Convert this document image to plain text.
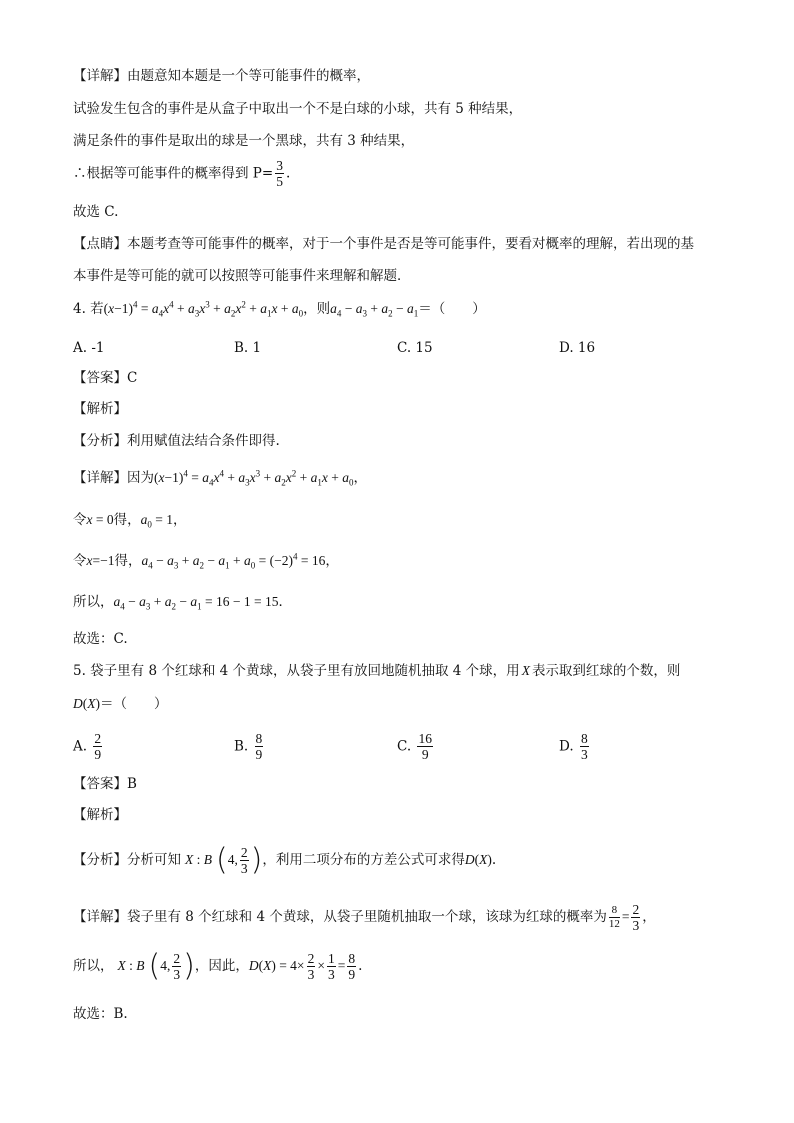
【详解】由题意知本题是一个等可能事件的概率，
试验发生包含的事件是从盒子中取出一个不是白球的小球，共有 5 种结果，
满足条件的事件是取出的球是一个黑球，共有 3 种结果，
∴根据等可能事件的概率得到 $P= \frac{3}{5}$ .
故选 C.
【点睛】本题考查等可能事件的概率，对于一个事件是否是等可能事件，要看对概率的理解，若出现的基
本事件是等可能的就可以按照等可能事件来理解和解题．
4. 若$(x-1)^4 = a_4x^4 + a_3x^3 + a_2x^2 + a_1x + a_0$，则$a_4 - a_3 + a_2 - a_1=$（　　）
A. -1	B. 1	C. 15	D. 16
【答案】C
【解析】
【分析】利用赋值法结合条件即得.
【详解】因为$(x-1)^4 = a_4x^4 + a_3x^3 + a_2x^2 + a_1x + a_0$，
令x = 0得，$a_0 = 1$，
令x=−1得，$a_4 - a_3 + a_2 - a_1 + a_0 = (-2)^4 = 16$，
所以，$a_4 - a_3 + a_2 - a_1 = 16 - 1 = 15$．
故选：C.
5. 袋子里有 8 个红球和 4 个黄球，从袋子里有放回地随机抽取 4 个球，用 X 表示取到红球的个数，则
D(X)＝（　　）
A. $\frac{2}{9}$	B. $\frac{8}{9}$	C. $\frac{16}{9}$	D. $\frac{8}{3}$
【答案】B
【解析】
【分析】分析可知 X : B (4, $\frac{2}{3}$ )，利用二项分布的方差公式可求得D(X).
【详解】袋子里有 8 个红球和 4 个黄球，从袋子里随机抽取一个球，该球为红球的概率为 $\frac{8}{12} = \frac{2}{3}$ ，
所以， X : B (4, $\frac{2}{3}$ )，因此，$D(X) = 4\times \frac{2}{3} \times \frac{1}{3} = \frac{8}{9}$ .
故选：B.
